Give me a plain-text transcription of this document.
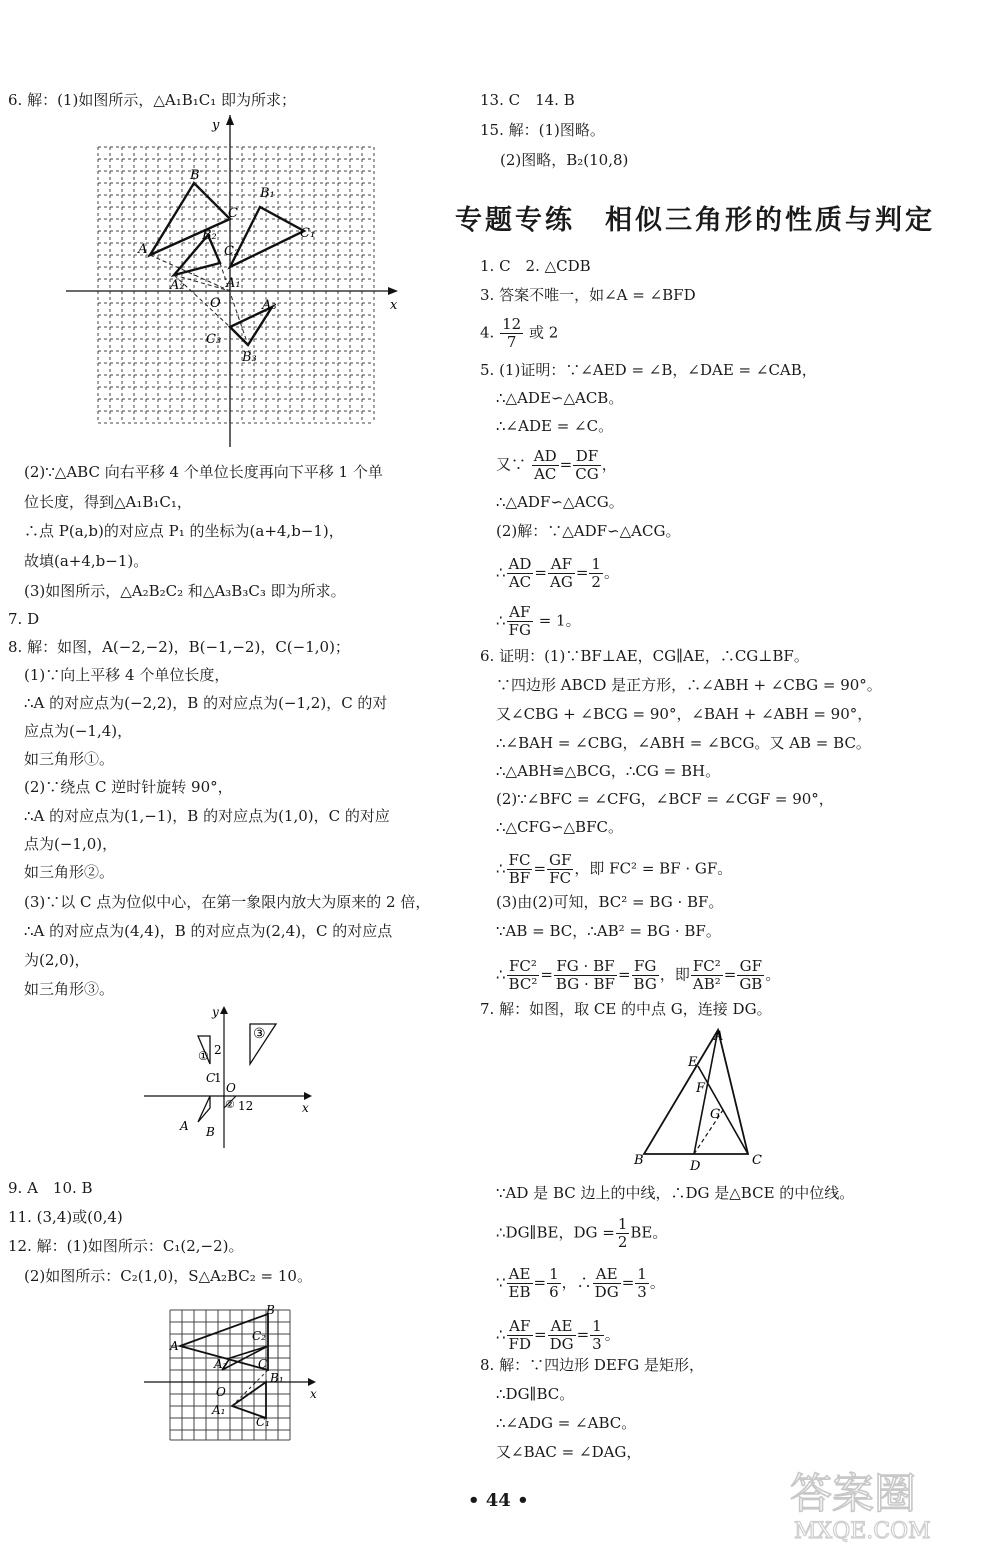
6. 解：(1)如图所示，△A₁B₁C₁ 即为所求；
y
x
O
A
B
C
B₁
C₁
A₁
A₂
B₂
C₂
A₃
B₃
C₃
(2)∵△ABC 向右平移 4 个单位长度再向下平移 1 个单
位长度，得到△A₁B₁C₁，
∴点 P(a,b)的对应点 P₁ 的坐标为(a+4,b−1)，
故填(a+4,b−1)。
(3)如图所示，△A₂B₂C₂ 和△A₃B₃C₃ 即为所求。
7. D
8. 解：如图，A(−2,−2)，B(−1,−2)，C(−1,0)；
(1)∵向上平移 4 个单位长度，
∴A 的对应点为(−2,2)，B 的对应点为(−1,2)，C 的对
应点为(−1,4)，
如三角形①。
(2)∵绕点 C 逆时针旋转 90°，
∴A 的对应点为(1,−1)，B 的对应点为(1,0)，C 的对应
点为(−1,0)，
如三角形②。
(3)∵以 C 点为位似中心，在第一象限内放大为原来的 2 倍，
∴A 的对应点为(4,4)，B 的对应点为(2,4)，C 的对应点
为(2,0)，
如三角形③。
y
x
O
③
①
②
2
C
1
12
A B
9. A　10. B
11. (3,4)或(0,4)
12. 解：(1)如图所示：C₁(2,−2)。
(2)如图所示：C₂(1,0)，S△A₂BC₂ = 10。
x
O
A
B
C
A₂
C₂
B₁
A₁
C₁
13. C　14. B
15. 解：(1)图略。
(2)图略，B₂(10,8)
专题专练　相似三角形的性质与判定
1. C　2. △CDB
3. 答案不唯一，如∠A = ∠BFD
4. $\frac{12}{7}$ 或 2
5. (1)证明：∵∠AED = ∠B，∠DAE = ∠CAB，
∴△ADE∽△ACB。
∴∠ADE = ∠C。
又∵ $\frac{AD}{AC} = \frac{DF}{CG}$ ，
∴△ADF∽△ACG。
(2)解：∵△ADF∽△ACG。
∴ $\frac{AD}{AC} = \frac{AF}{AG} = \frac{1}{2}$ 。
∴ $\frac{AF}{FG} = 1$。
6. 证明：(1)∵BF⊥AE，CG∥AE，∴CG⊥BF。
∵四边形 ABCD 是正方形，∴∠ABH + ∠CBG = 90°。
又∠CBG + ∠BCG = 90°，∠BAH + ∠ABH = 90°，
∴∠BAH = ∠CBG，∠ABH = ∠BCG。又 AB = BC。
∴△ABH≌△BCG，∴CG = BH。
(2)∵∠BFC = ∠CFG，∠BCF = ∠CGF = 90°，
∴△CFG∽△BFC。
∴ $\frac{FC}{BF} = \frac{GF}{FC}$ ，即 FC² = BF · GF。
(3)由(2)可知，BC² = BG · BF。
∵AB = BC，∴AB² = BG · BF。
∴ $\frac{\text{FC²}}{\text{BC²}} = \frac{FG \cdot BF}{BG \cdot BF} = \frac{FG}{BG}$ ，即 $\frac{\text{FC²}}{\text{AB²}} = \frac{GF}{GB}$ 。
7. 解：如图，取 CE 的中点 G，连接 DG。
A
B	C
D
E
F
G
∵AD 是 BC 边上的中线，∴DG 是△BCE 的中位线。
∴DG∥BE，DG = $\frac{1}{2}$ BE。
∵ $\frac{AE}{EB} = \frac{1}{6}$ ，∴ $\frac{AE}{DG} = \frac{1}{3}$ 。
∴ $\frac{AF}{FD} = \frac{AE}{DG} = \frac{1}{3}$ 。
8. 解：∵四边形 DEFG 是矩形，
∴DG∥BC。
∴∠ADG = ∠ABC。
又∠BAC = ∠DAG，
• 44 •	答案圈
MXQE.COM
